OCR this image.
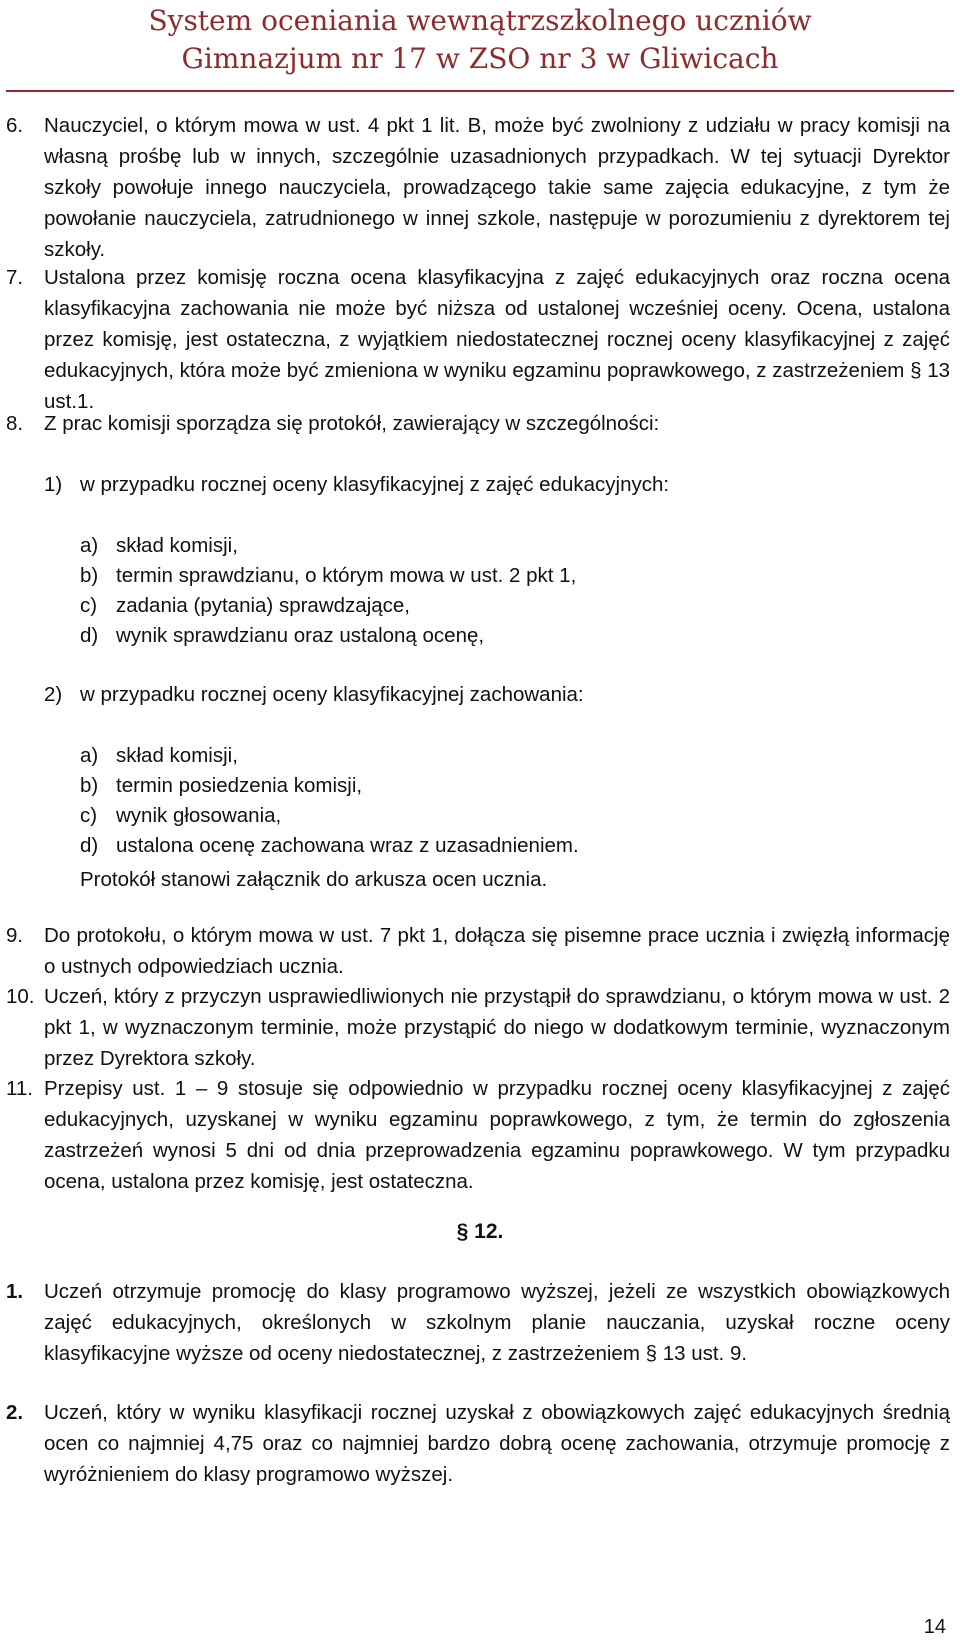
System oceniania wewnątrzszkolnego uczniów
Gimnazjum nr 17 w ZSO nr 3 w Gliwicach
6.	Nauczyciel, o którym mowa w ust. 4 pkt 1 lit. B, może być zwolniony z udziału w pracy komisji na własną prośbę lub w innych, szczególnie uzasadnionych przypadkach. W tej sytuacji Dyrektor szkoły powołuje innego nauczyciela, prowadzącego takie same zajęcia edukacyjne, z tym że powołanie nauczyciela, zatrudnionego w innej szkole, następuje w porozumieniu z dyrektorem tej szkoły.
7.	Ustalona przez komisję roczna ocena klasyfikacyjna z zajęć edukacyjnych oraz roczna ocena klasyfikacyjna zachowania nie może być niższa od ustalonej wcześniej oceny. Ocena, ustalona przez komisję, jest ostateczna, z wyjątkiem niedostatecznej rocznej oceny klasyfikacyjnej z zajęć edukacyjnych, która może być zmieniona w wyniku egzaminu poprawkowego, z zastrzeżeniem § 13 ust.1.
8.	Z prac komisji sporządza się protokół, zawierający w szczególności:
1) w przypadku rocznej oceny klasyfikacyjnej z zajęć edukacyjnych:
a) skład komisji,
b) termin sprawdzianu, o którym mowa w ust. 2 pkt 1,
c) zadania (pytania) sprawdzające,
d) wynik sprawdzianu oraz ustaloną ocenę,
2) w przypadku rocznej oceny klasyfikacyjnej zachowania:
a) skład komisji,
b) termin posiedzenia komisji,
c) wynik głosowania,
d) ustalona ocenę zachowana wraz z uzasadnieniem.
Protokół stanowi załącznik do arkusza ocen ucznia.
9.	Do protokołu, o którym mowa w ust. 7 pkt 1, dołącza się pisemne prace ucznia i zwięzłą informację o ustnych odpowiedziach ucznia.
10. Uczeń, który z przyczyn usprawiedliwionych nie przystąpił do sprawdzianu, o którym mowa w ust. 2 pkt 1, w wyznaczonym terminie, może przystąpić do niego w dodatkowym terminie, wyznaczonym przez Dyrektora szkoły.
11. Przepisy ust. 1 – 9 stosuje się odpowiednio w przypadku rocznej oceny klasyfikacyjnej z zajęć edukacyjnych, uzyskanej w wyniku egzaminu poprawkowego, z tym, że termin do zgłoszenia zastrzeżeń wynosi 5 dni od dnia przeprowadzenia egzaminu poprawkowego. W tym przypadku ocena, ustalona przez komisję, jest ostateczna.
§ 12.
1.	Uczeń otrzymuje promocję do klasy programowo wyższej, jeżeli ze wszystkich obowiązkowych zajęć edukacyjnych, określonych w szkolnym planie nauczania, uzyskał roczne oceny klasyfikacyjne wyższe od oceny niedostatecznej, z zastrzeżeniem § 13 ust. 9.
2.	Uczeń, który w wyniku klasyfikacji rocznej uzyskał z obowiązkowych zajęć edukacyjnych średnią ocen co najmniej 4,75 oraz co najmniej bardzo dobrą ocenę zachowania, otrzymuje promocję z wyróżnieniem do klasy programowo wyższej.
14
